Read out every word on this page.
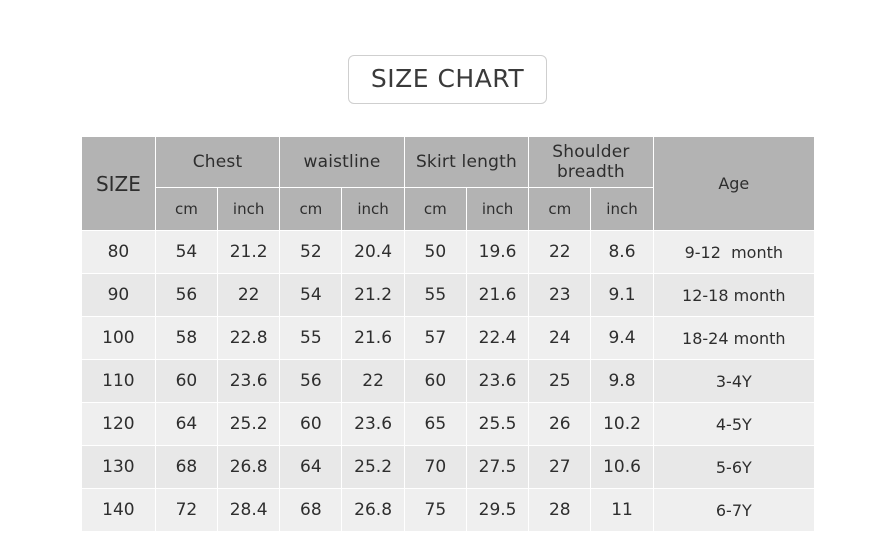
SIZE CHART
SIZE	Chest		waistline		Skirt length		Shoulder breadth		Age
	cm	inch	cm	inch	cm	inch	cm	inch	
80	54	21.2	52	20.4	50	19.6	22	8.6	9-12  month
90	56	22	54	21.2	55	21.6	23	9.1	12-18 month
100	58	22.8	55	21.6	57	22.4	24	9.4	18-24 month
110	60	23.6	56	22	60	23.6	25	9.8	3-4Y
120	64	25.2	60	23.6	65	25.5	26	10.2	4-5Y
130	68	26.8	64	25.2	70	27.5	27	10.6	5-6Y
140	72	28.4	68	26.8	75	29.5	28	11	6-7Y
